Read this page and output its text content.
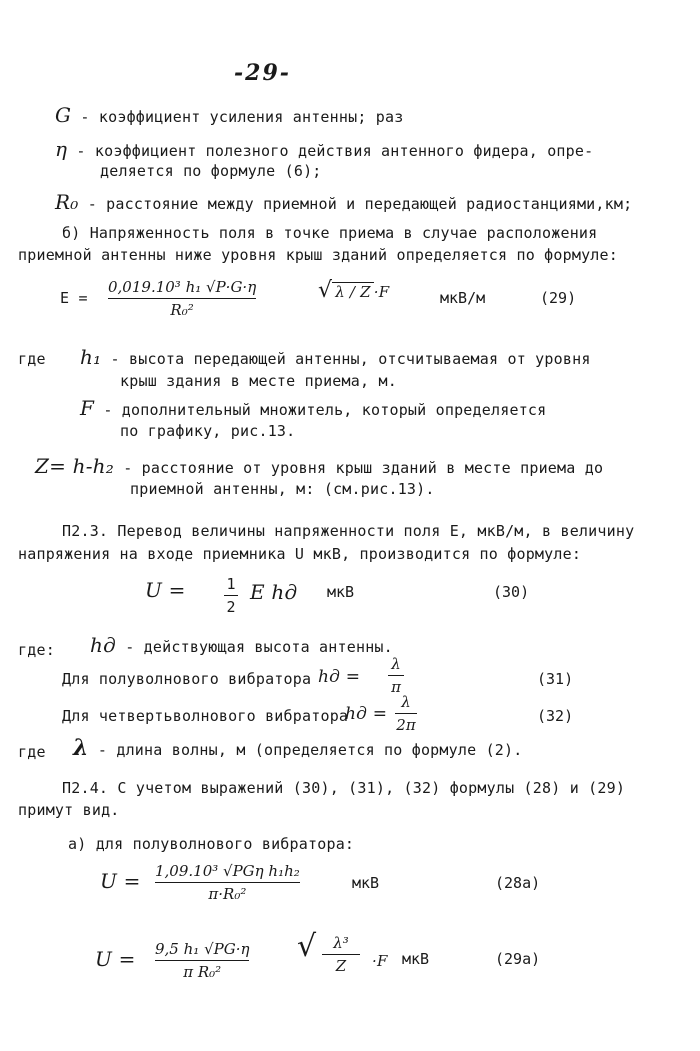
-29-
G - коэффициент усиления антенны; раз
η - коэффициент полезного действия антенного фидера, опре-
деляется по формуле (6);
R₀ - расстояние между приемной и передающей радиостанциями,км;
б) Напряженность поля в точке приема в случае расположения
приемной антенны ниже уровня крыш зданий определяется по формуле:
E =
0,019.10³ h₁ √P·G·η
R₀²
√ λ / Z ·F	мкВ/м	(29)
где h₁ - высота передающей антенны, отсчитываемая от уровня
крыш здания в месте приема, м.
F - дополнительный множитель, который определяется
по графику, рис.13.
Z= h-h₂ - расстояние от уровня крыш зданий в месте приема до
приемной антенны, м: (см.рис.13).
П2.3. Перевод величины напряженности поля E, мкВ/м, в величину
напряжения на входе приемника U мкВ, производится по формуле:
U =	1
2
E hд мкВ	(30)
где: hд - действующая высота антенны.
Для полуволнового вибратора hд =
λ
π	(31)
Для четвертьволнового вибратора
hд =
λ
2π	(32)
где λ - длина волны, м (определяется по формуле (2).
П2.4. С учетом выражений (30), (31), (32) формулы (28) и (29)
примут вид.
а) для полуволнового вибратора:
U = 1,09.10³ √PGη h₁h₂
π·R₀²
мкВ	(28а)
U = 9,5 h₁ √PG·η
π R₀²
√ λ³
Z ·F мкВ	(29а)
